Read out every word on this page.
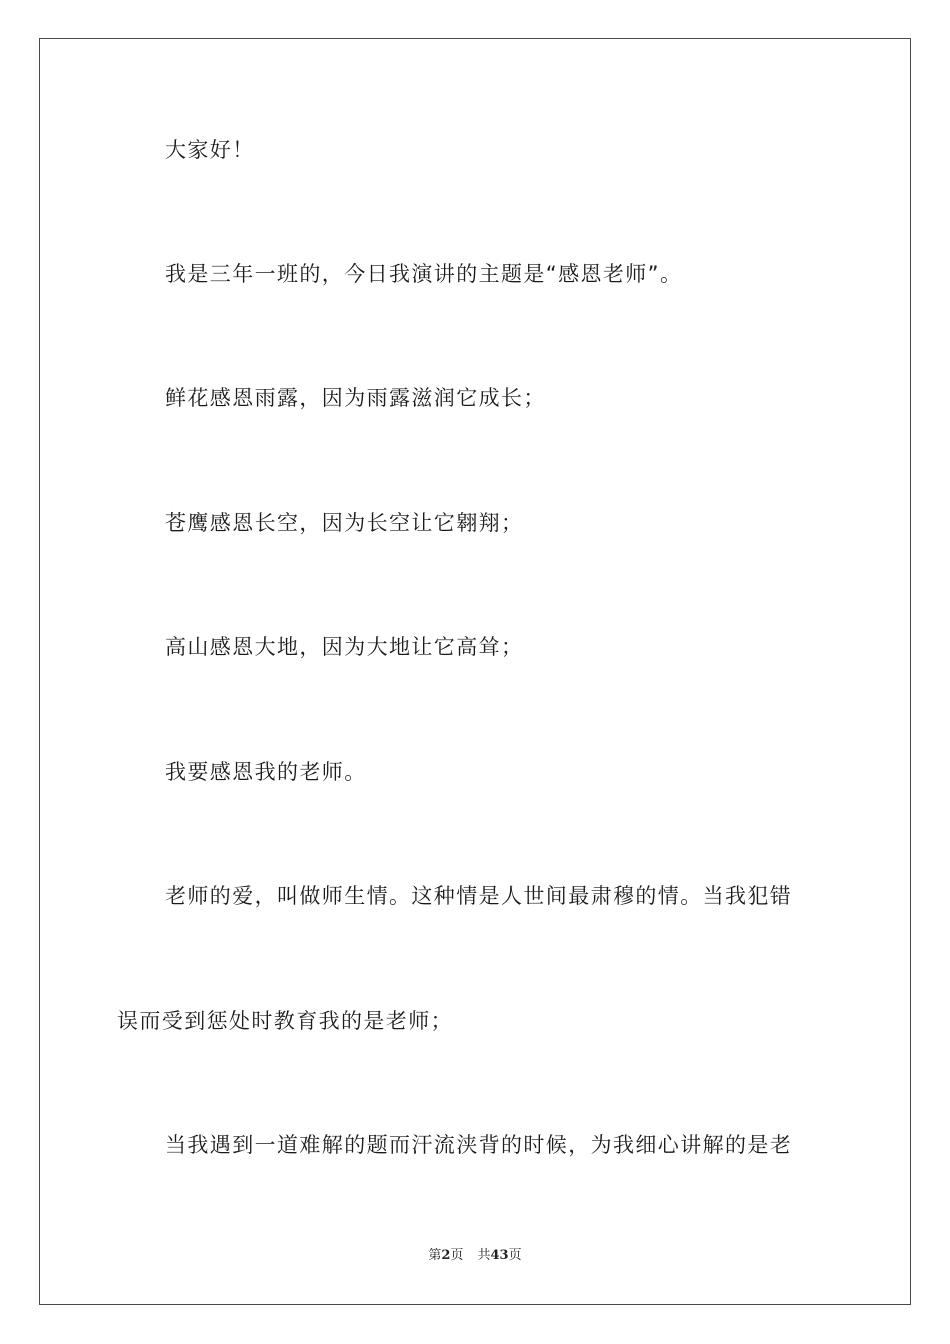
大家好！
我是三年一班的，今日我演讲的主题是“感恩老师”。
鲜花感恩雨露，因为雨露滋润它成长；
苍鹰感恩长空，因为长空让它翱翔；
高山感恩大地，因为大地让它高耸；
我要感恩我的老师。
老师的爱，叫做师生情。这种情是人世间最肃穆的情。当我犯错
误而受到惩处时教育我的是老师；
当我遇到一道难解的题而汗流浃背的时候，为我细心讲解的是老
第2页 共43页
